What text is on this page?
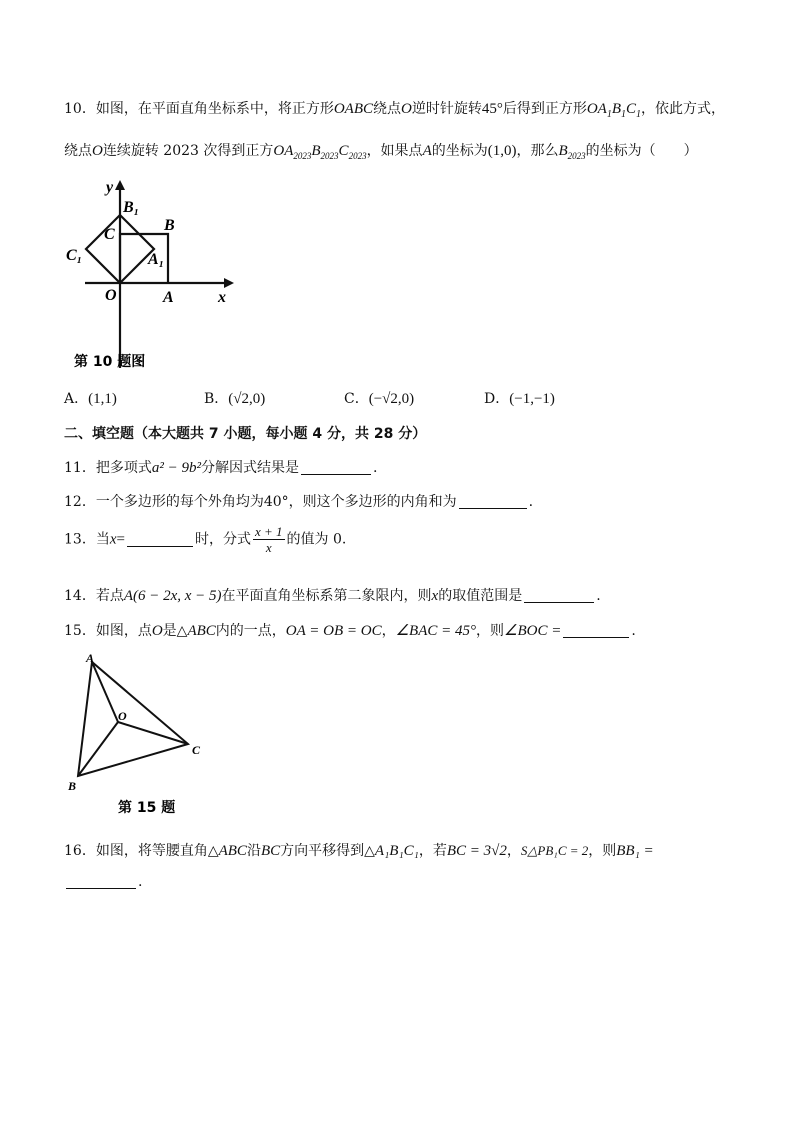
10．如图，在平面直角坐标系中，将正方形OABC绕点O逆时针旋转45°后得到正方形$OA_1B_1C_1$，依此方式，
绕点O连续旋转 2023 次得到正方$OA_{2023}B_{2023}C_{2023}$，如果点A的坐标为(1,0)，那么$B_{2023}$的坐标为（　　）
y
x
O	A
B
B₁
C
C₁	A₁
第 10 题图
A．(1,1)	B．(√2,0)	C．(−√2,0)	D．(−1,−1)
二、填空题（本大题共 7 小题，每小题 4 分，共 28 分）
11．把多项式a² − 9b²分解因式结果是	.
12．一个多边形的每个外角均为40°，则这个多边形的内角和为	.
13．当x=	时，分式 $\frac{x + 1}{x}$ 的值为 0.
14．若点A(6 − 2x, x − 5)在平面直角坐标系第二象限内，则x的取值范围是	.
15．如图，点O是△ABC内的一点，OA = OB = OC，∠BAC = 45°，则∠BOC =	.
A
B
C
O
第 15 题
16．如图，将等腰直角△ABC沿BC方向平移得到△A₁B₁C₁，若BC = 3√2，S△PB₁C = 2，则BB₁ =
.
